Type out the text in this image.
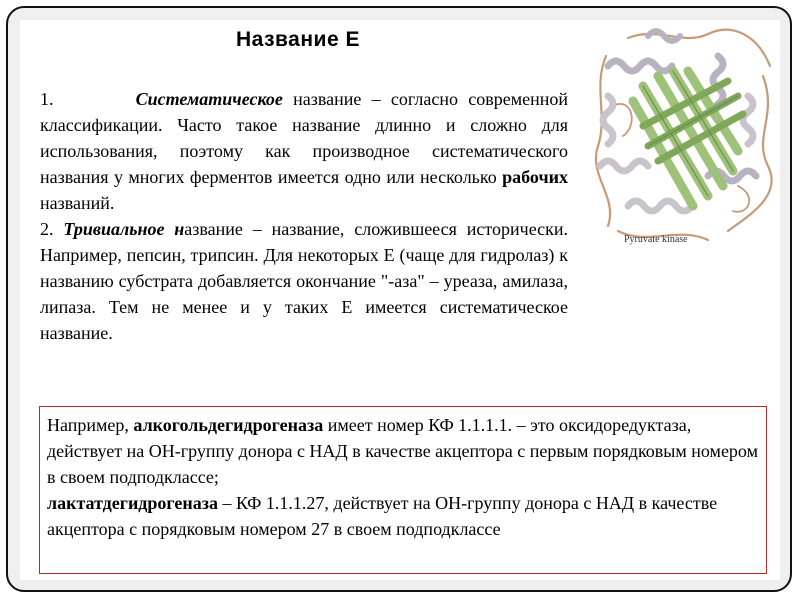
Название Е

1.	Систематическое название – согласно современной классификации. Часто такое название длинно и сложно для использования, поэтому как производное систематического названия у многих ферментов имеется одно или несколько рабочих названий.

2. Тривиальное название – название, сложившееся исторически. Например, пепсин, трипсин. Для некоторых Е (чаще для гидролаз) к названию субстрата добавляется окончание "-аза" – уреаза, амилаза, липаза. Тем не менее и у таких Е имеется систематическое название.

Pyruvate kinase

Например, алкогольдегидрогеназа имеет номер КФ 1.1.1.1. – это оксидоредуктаза, действует на ОН-группу донора с НАД в качестве акцептора с первым порядковым номером в своем подподклассе;
лактатдегидрогеназа – КФ 1.1.1.27, действует на ОН-группу донора с НАД в качестве акцептора с порядковым номером 27 в своем подподклассе
